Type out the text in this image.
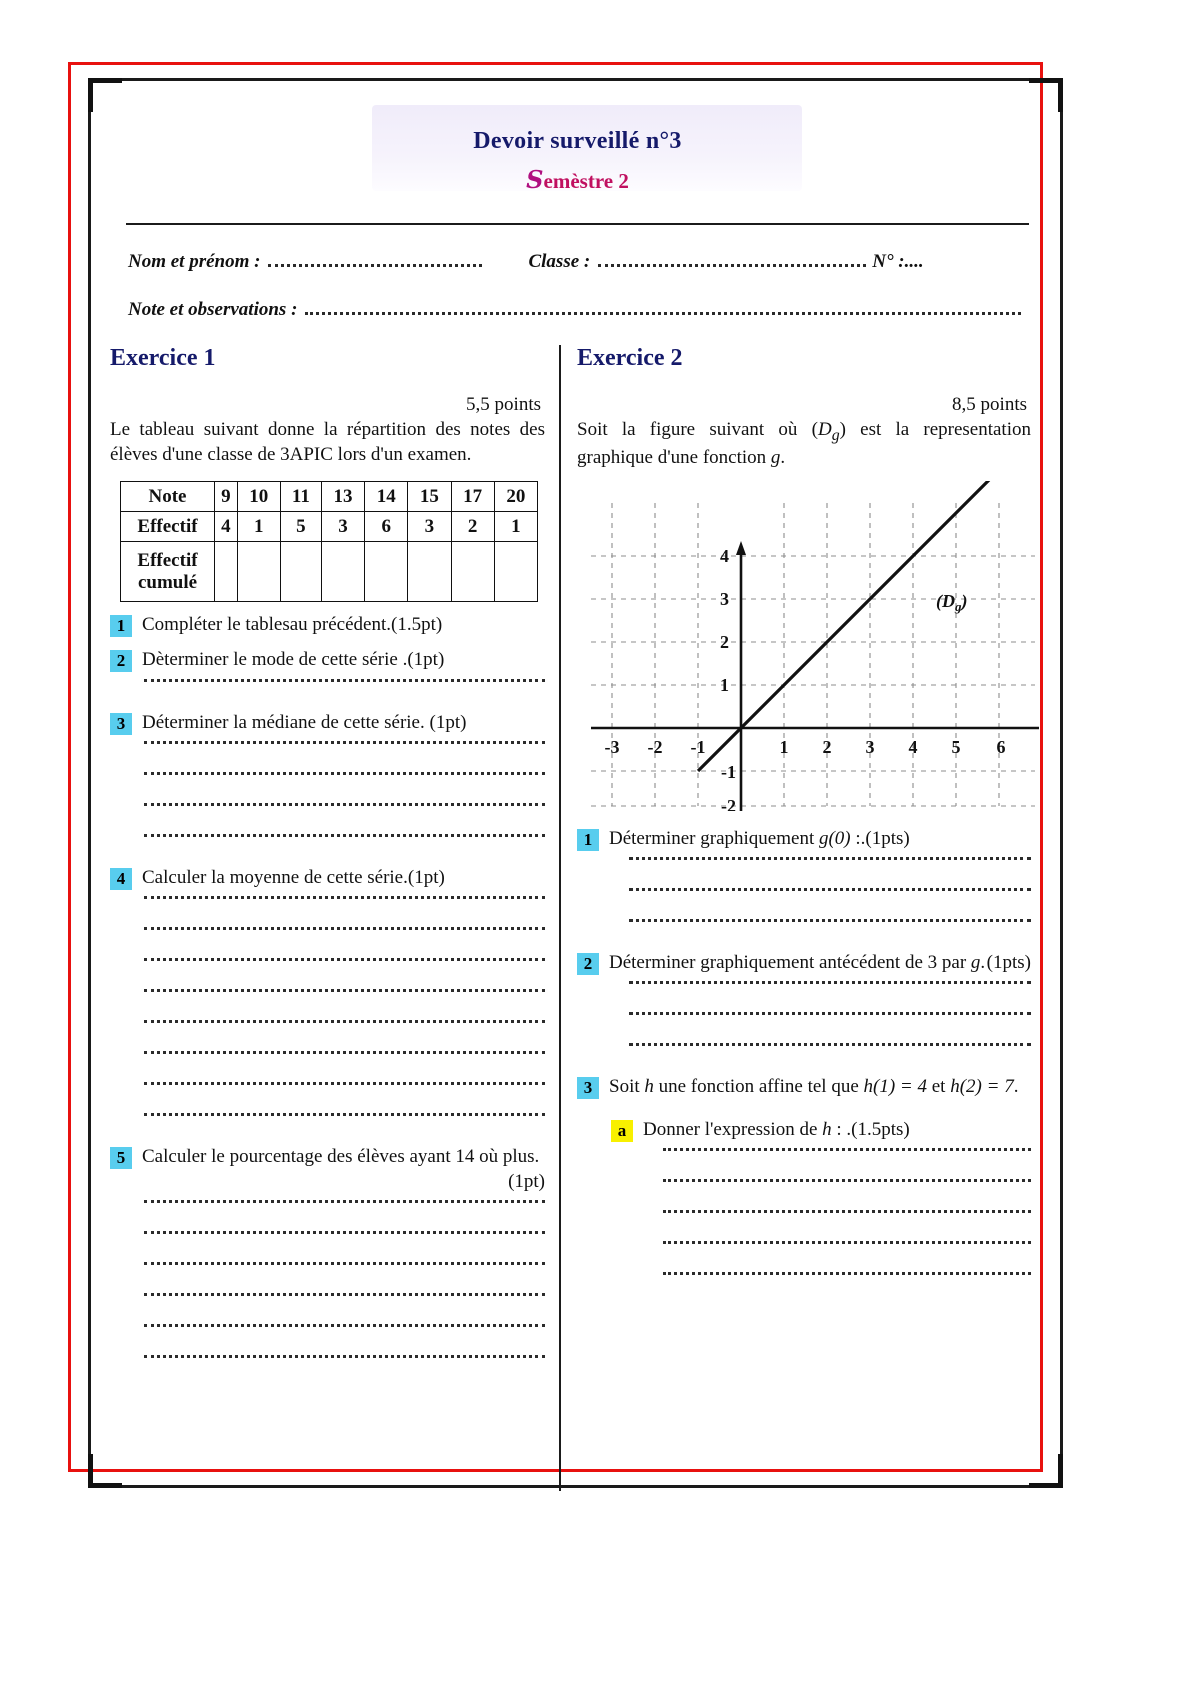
Devoir surveillé n°3
Semèstre 2
Nom et prénom :	Classe :	N° :....
Note et observations :
Exercice 1
5,5 points
Le tableau suivant donne la répartition des notes des élèves d'une classe de 3APIC lors d'un examen.
Note	9	10	11	13	14	15	17	20
Effectif	4	1	5	3	6	3	2	1
Effectif cumulé								
1 Compléter le tablesau précédent.(1.5pt)
2 Dèterminer le mode de cette série .(1pt)
3 Déterminer la médiane de cette série. (1pt)
4 Calculer la moyenne de cette série.(1pt)
5 Calculer le pourcentage des élèves ayant 14 où plus.
(1pt)
Exercice 2
8,5 points
Soit la figure suivant où $(D_g)$ est la representation graphique d'une fonction g.
-3 -2 -1	1 2 3 4 5 6
4
3
2
1
-1
-2
$(D_g)$
1 Déterminer graphiquement g(0) :.(1pts)
2 Déterminer graphiquement antécédent de 3 par g. (1pts)
3 Soit h une fonction affine tel que h(1) = 4 et h(2) = 7.
a Donner l'expression de h : .(1.5pts)
